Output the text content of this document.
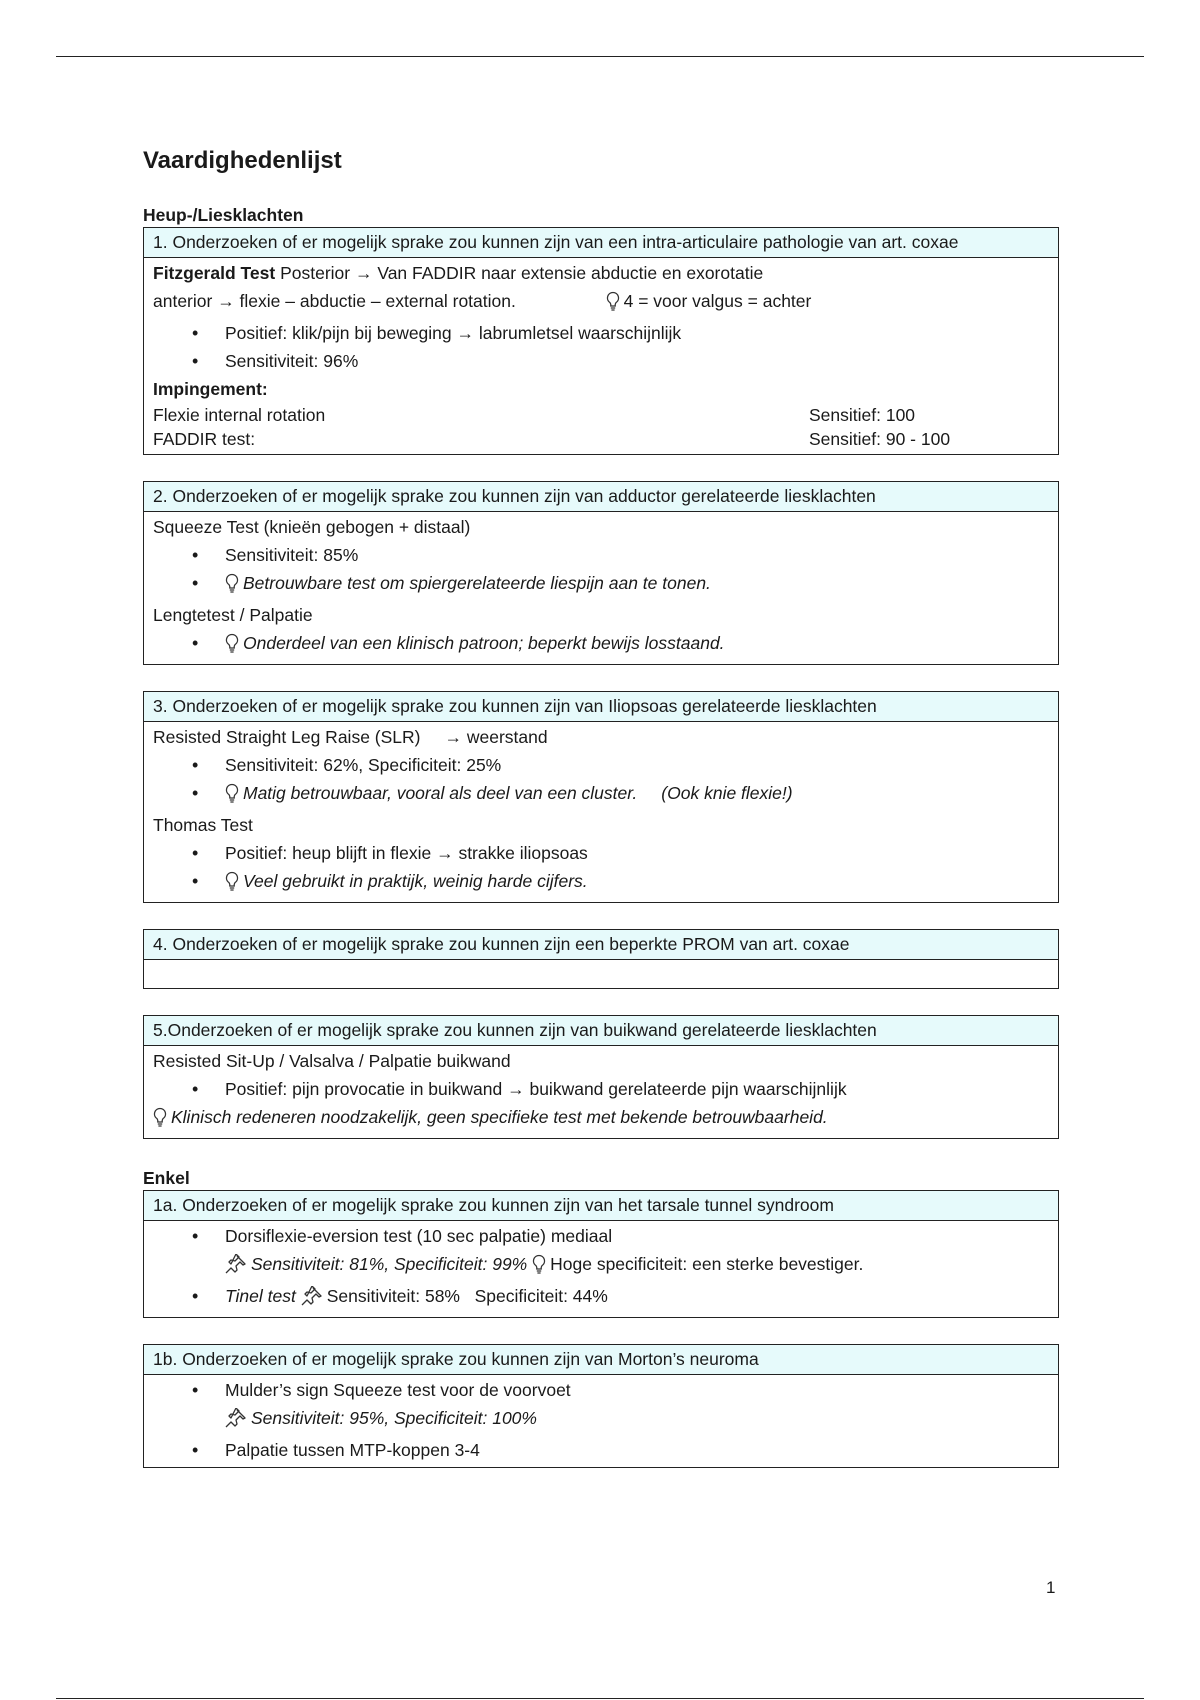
Vaardighedenlijst
Heup-/Liesklachten
1. Onderzoeken of er mogelijk sprake zou kunnen zijn van een intra-articulaire pathologie van art. coxae
Fitzgerald Test Posterior → Van FADDIR naar extensie abductie en exorotatie
anterior → flexie – abductie – external rotation.	4 = voor valgus = achter
• Positief: klik/pijn bij beweging → labrumletsel waarschijnlijk
• Sensitiviteit: 96%
Impingement:
Flexie internal rotation	Sensitief: 100
FADDIR test:	Sensitief: 90 - 100
2. Onderzoeken of er mogelijk sprake zou kunnen zijn van adductor gerelateerde liesklachten
Squeeze Test (knieën gebogen + distaal)
• Sensitiviteit: 85%
• Betrouwbare test om spiergerelateerde liespijn aan te tonen.
Lengtetest / Palpatie
• Onderdeel van een klinisch patroon; beperkt bewijs losstaand.
3. Onderzoeken of er mogelijk sprake zou kunnen zijn van Iliopsoas gerelateerde liesklachten
Resisted Straight Leg Raise (SLR) → weerstand
• Sensitiviteit: 62%, Specificiteit: 25%
• Matig betrouwbaar, vooral als deel van een cluster. (Ook knie flexie!)
Thomas Test
• Positief: heup blijft in flexie → strakke iliopsoas
• Veel gebruikt in praktijk, weinig harde cijfers.
4. Onderzoeken of er mogelijk sprake zou kunnen zijn een beperkte PROM van art. coxae
5.Onderzoeken of er mogelijk sprake zou kunnen zijn van buikwand gerelateerde liesklachten
Resisted Sit-Up / Valsalva / Palpatie buikwand
• Positief: pijn provocatie in buikwand → buikwand gerelateerde pijn waarschijnlijk
Klinisch redeneren noodzakelijk, geen specifieke test met bekende betrouwbaarheid.
Enkel
1a. Onderzoeken of er mogelijk sprake zou kunnen zijn van het tarsale tunnel syndroom
• Dorsiflexie-eversion test (10 sec palpatie) mediaal
Sensitiviteit: 81%, Specificiteit: 99% Hoge specificiteit: een sterke bevestiger.
• Tinel test Sensitiviteit: 58%   Specificiteit: 44%
1b. Onderzoeken of er mogelijk sprake zou kunnen zijn van Morton’s neuroma
• Mulder’s sign Squeeze test voor de voorvoet
Sensitiviteit: 95%, Specificiteit: 100%
• Palpatie tussen MTP-koppen 3-4
1
